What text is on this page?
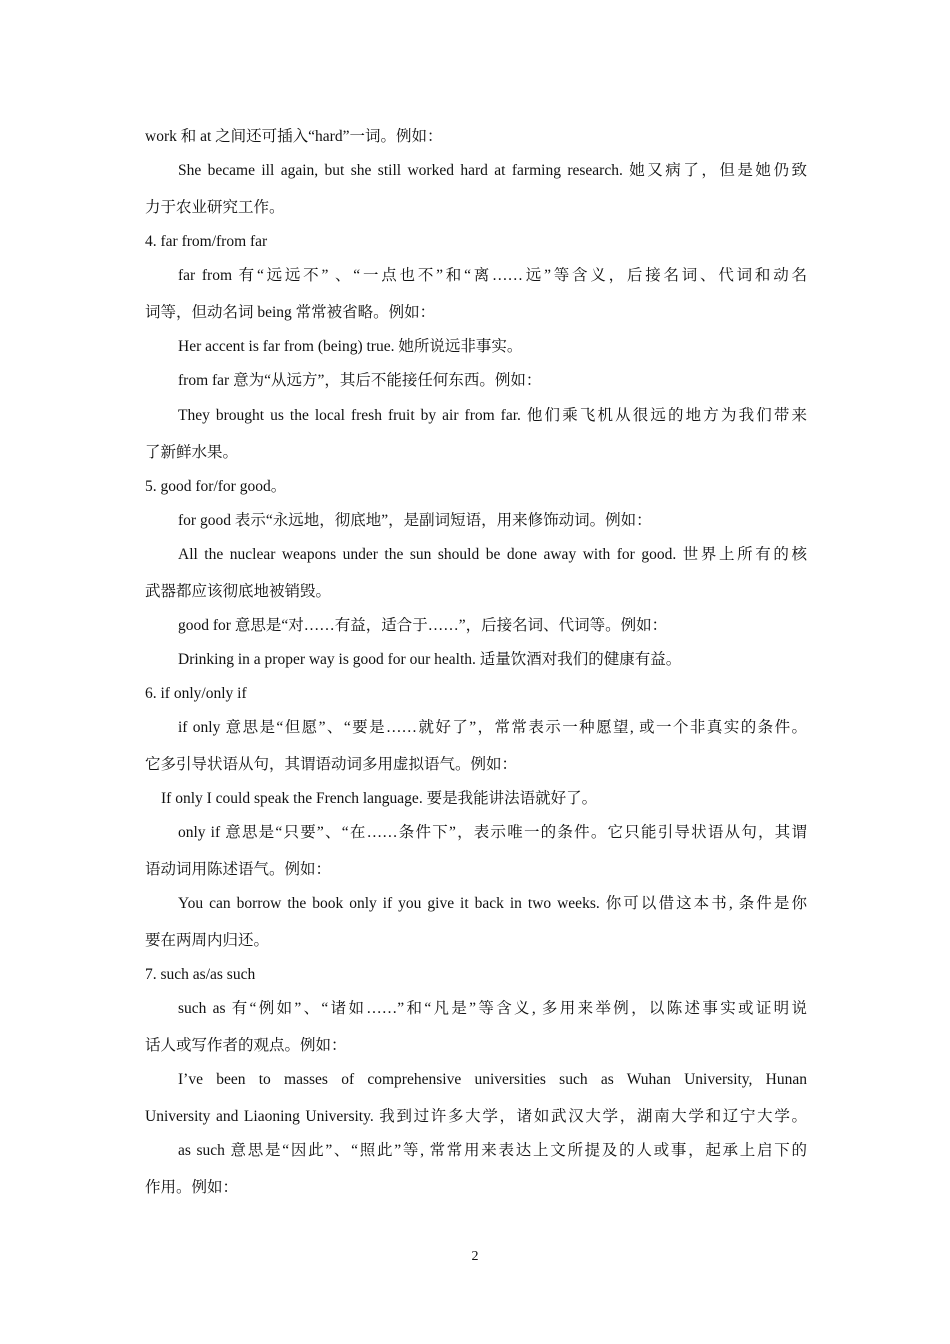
work 和 at 之间还可插入“hard”一词。例如：
She became ill again, but she still worked hard at farming research. 她又病了，但是她仍致
力于农业研究工作。
4. far from/from far
far from 有“远远不” 、“一点也不”和“离……远”等含义，后接名词、代词和动名
词等，但动名词 being 常常被省略。例如：
Her accent is far from (being) true. 她所说远非事实。
from far 意为“从远方”，其后不能接任何东西。例如：
They brought us the local fresh fruit by air from far. 他们乘飞机从很远的地方为我们带来
了新鲜水果。
5. good for/for good。
for good 表示“永远地，彻底地”，是副词短语，用来修饰动词。例如：
All the nuclear weapons under the sun should be done away with for good. 世界上所有的核
武器都应该彻底地被销毁。
good for 意思是“对……有益，适合于……”，后接名词、代词等。例如：
Drinking in a proper way is good for our health. 适量饮酒对我们的健康有益。
6. if only/only if
if only 意思是“但愿”、“要是……就好了”，常常表示一种愿望, 或一个非真实的条件。
它多引导状语从句，其谓语动词多用虚拟语气。例如：
If only I could speak the French language. 要是我能讲法语就好了。
only if 意思是“只要”、“在……条件下”，表示唯一的条件。它只能引导状语从句，其谓
语动词用陈述语气。例如：
You can borrow the book only if you give it back in two weeks. 你可以借这本书, 条件是你
要在两周内归还。
7. such as/as such
such as 有“例如”、“诸如……”和“凡是”等含义, 多用来举例，以陈述事实或证明说
话人或写作者的观点。例如：
I’ve been to masses of comprehensive universities such as Wuhan University, Hunan
University and Liaoning University. 我到过许多大学，诸如武汉大学，湖南大学和辽宁大学。
as such 意思是“因此”、“照此”等, 常常用来表达上文所提及的人或事，起承上启下的
作用。例如：
2
